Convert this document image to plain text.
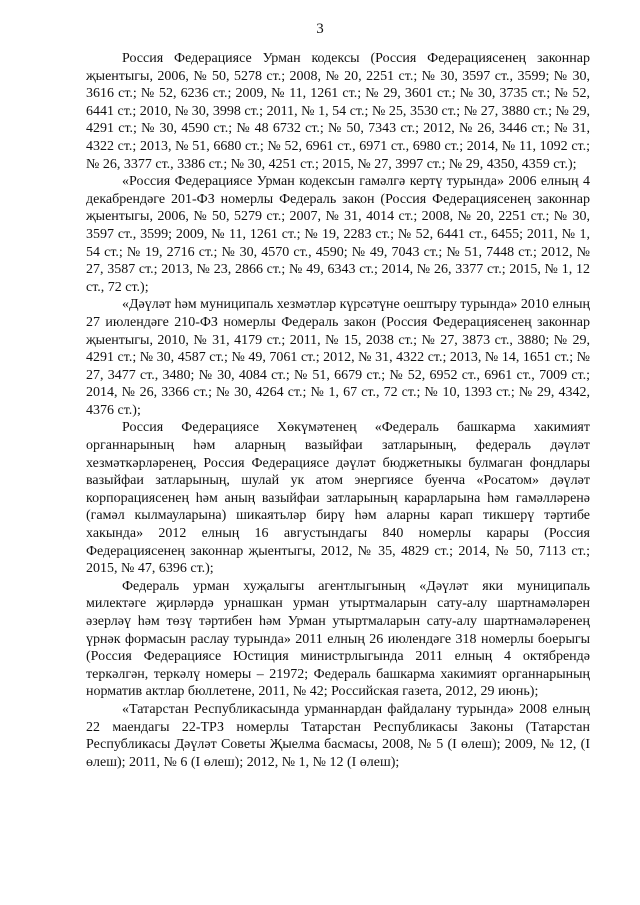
3

Россия Федерациясе Урман кодексы (Россия Федерациясенең законнар җыентыгы, 2006, № 50, 5278 ст.; 2008, № 20, 2251 ст.; № 30, 3597 ст., 3599; № 30, 3616 ст.; № 52, 6236 ст.; 2009, № 11, 1261 ст.; № 29, 3601 ст.; № 30, 3735 ст.; № 52, 6441 ст.; 2010, № 30, 3998 ст.; 2011, № 1, 54 ст.; № 25, 3530 ст.; № 27, 3880 ст.; № 29, 4291 ст.; № 30, 4590 ст.; № 48 6732 ст.; № 50, 7343 ст.; 2012, № 26, 3446 ст.; № 31, 4322 ст.; 2013, № 51, 6680 ст.; № 52, 6961 ст., 6971 ст., 6980 ст.; 2014, № 11, 1092 ст.; № 26, 3377 ст., 3386 ст.; № 30, 4251 ст.; 2015, № 27, 3997 ст.; № 29, 4350, 4359 ст.);

«Россия Федерациясе Урман кодексын гамәлгә кертү турында» 2006 елның 4 декабрендәге 201-ФЗ номерлы Федераль закон (Россия Федерациясенең законнар җыентыгы, 2006, № 50, 5279 ст.; 2007, № 31, 4014 ст.; 2008, № 20, 2251 ст.; № 30, 3597 ст., 3599; 2009, № 11, 1261 ст.; № 19, 2283 ст.; № 52, 6441 ст., 6455; 2011, № 1, 54 ст.; № 19, 2716 ст.; № 30, 4570 ст., 4590; № 49, 7043 ст.; № 51, 7448 ст.; 2012, № 27, 3587 ст.; 2013, № 23, 2866 ст.; № 49, 6343 ст.; 2014, № 26, 3377 ст.; 2015, № 1, 12 ст., 72 ст.);

«Дәүләт һәм муниципаль хезмәтләр күрсәтүне оештыру турында» 2010 елның 27 июлендәге 210-ФЗ номерлы Федераль закон (Россия Федерациясенең законнар җыентыгы, 2010, № 31, 4179 ст.; 2011, № 15, 2038 ст.; № 27, 3873 ст., 3880; № 29, 4291 ст.; № 30, 4587 ст.; № 49, 7061 ст.; 2012, № 31, 4322 ст.; 2013, № 14, 1651 ст.; № 27, 3477 ст., 3480; № 30, 4084 ст.; № 51, 6679 ст.; № 52, 6952 ст., 6961 ст., 7009 ст.; 2014, № 26, 3366 ст.; № 30, 4264 ст.; № 1, 67 ст., 72 ст.; № 10, 1393 ст.; № 29, 4342, 4376 ст.);

Россия Федерациясе Хөкүмәтенең «Федераль башкарма хакимият органнарының һәм аларның вазыйфаи затларының, федераль дәүләт хезмәткәрләренең, Россия Федерациясе дәүләт бюджетныкы булмаган фондлары вазыйфаи затларының, шулай ук атом энергиясе буенча «Росатом» дәүләт корпорациясенең һәм аның вазыйфаи затларының карарларына һәм гамәлләренә (гамәл кылмауларына) шикаятьләр бирү һәм аларны карап тикшерү тәртибе хакында» 2012 елның 16 августындагы 840 номерлы карары (Россия Федерациясенең законнар җыентыгы, 2012, № 35, 4829 ст.; 2014, № 50, 7113 ст.; 2015, № 47, 6396 ст.);

Федераль урман хуҗалыгы агентлыгының «Дәүләт яки муниципаль милектәге җирләрдә урнашкан урман утыртмаларын сату-алу шартнамәләрен әзерләү һәм төзү тәртибен һәм Урман утыртмаларын сату-алу шартнамәләренең үрнәк формасын раслау турында» 2011 елның 26 июлендәге 318 номерлы боерыгы (Россия Федерациясе Юстиция министрлыгында 2011 елның 4 октябрендә теркәлгән, теркәлү номеры – 21972; Федераль башкарма хакимият органнарының норматив актлар бюллетене, 2011, № 42; Российская газета, 2012, 29 июнь);

«Татарстан Республикасында урманнардан файдалану турында» 2008 елның 22 маендагы 22-ТРЗ номерлы Татарстан Республикасы Законы (Татарстан Республикасы Дәүләт Советы Җыелма басмасы, 2008, № 5 (I өлеш); 2009, № 12, (I өлеш); 2011, № 6 (I өлеш); 2012, № 1, № 12 (I өлеш);
